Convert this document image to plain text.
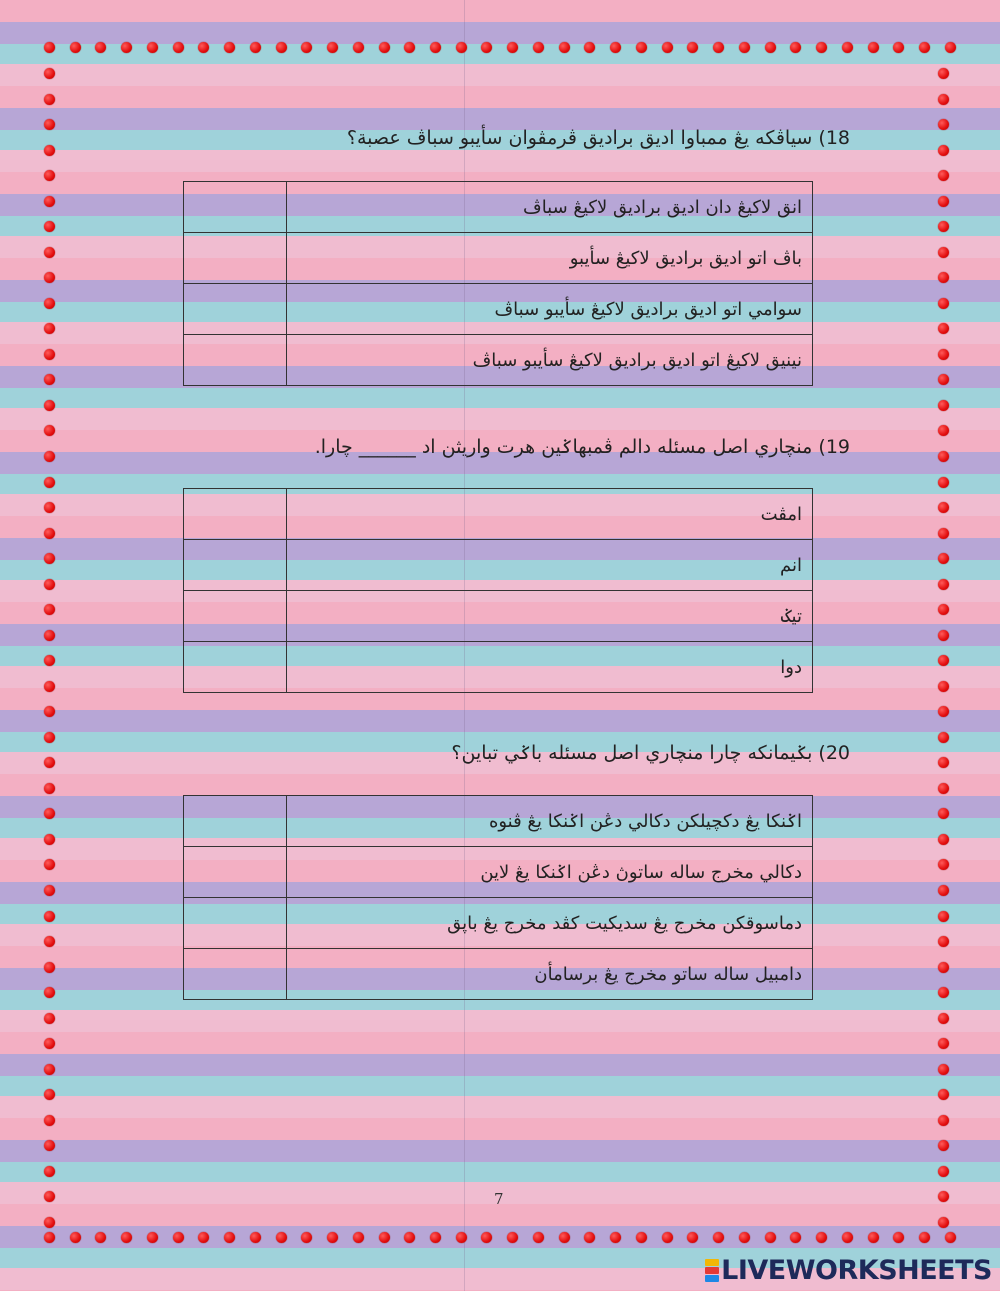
18) سياڤكه يڠ ممباوا اديق براديق ڤرمڤوان سأيبو سباڤ عصبة؟
انق لاکيڠ دان اديق براديق لاکيڠ سباڤ	
باڤ اتو اديق براديق لاکيڠ سأيبو	
سوامي اتو اديق براديق لاکيڠ سأيبو سباڤ	
نينيق لاکيڠ اتو اديق براديق لاکيڠ سأيبو سباڤ	
19) منچاري اصل مسئله دالم ڤمبهاݢين هرت واريثن اد ______ چارا.
امڤت	
انم	
تيݢ	
دوا	
20) بݢيمانکه چارا منچاري اصل مسئله باݢي تباين؟
اݢنکا يڠ دکچيلکن دکالي دڠن اݢنکا يڠ ڤنوه	
دکالي مخرج ساله ساتوڽ دڠن اݢنکا يڠ لاين	
دماسوقکن مخرج يڠ سديکيت کڤد مخرج يڠ باڽق	
دامبيل ساله ساتو مخرج يڠ برسامأن	
7
LIVEWORKSHEETS
